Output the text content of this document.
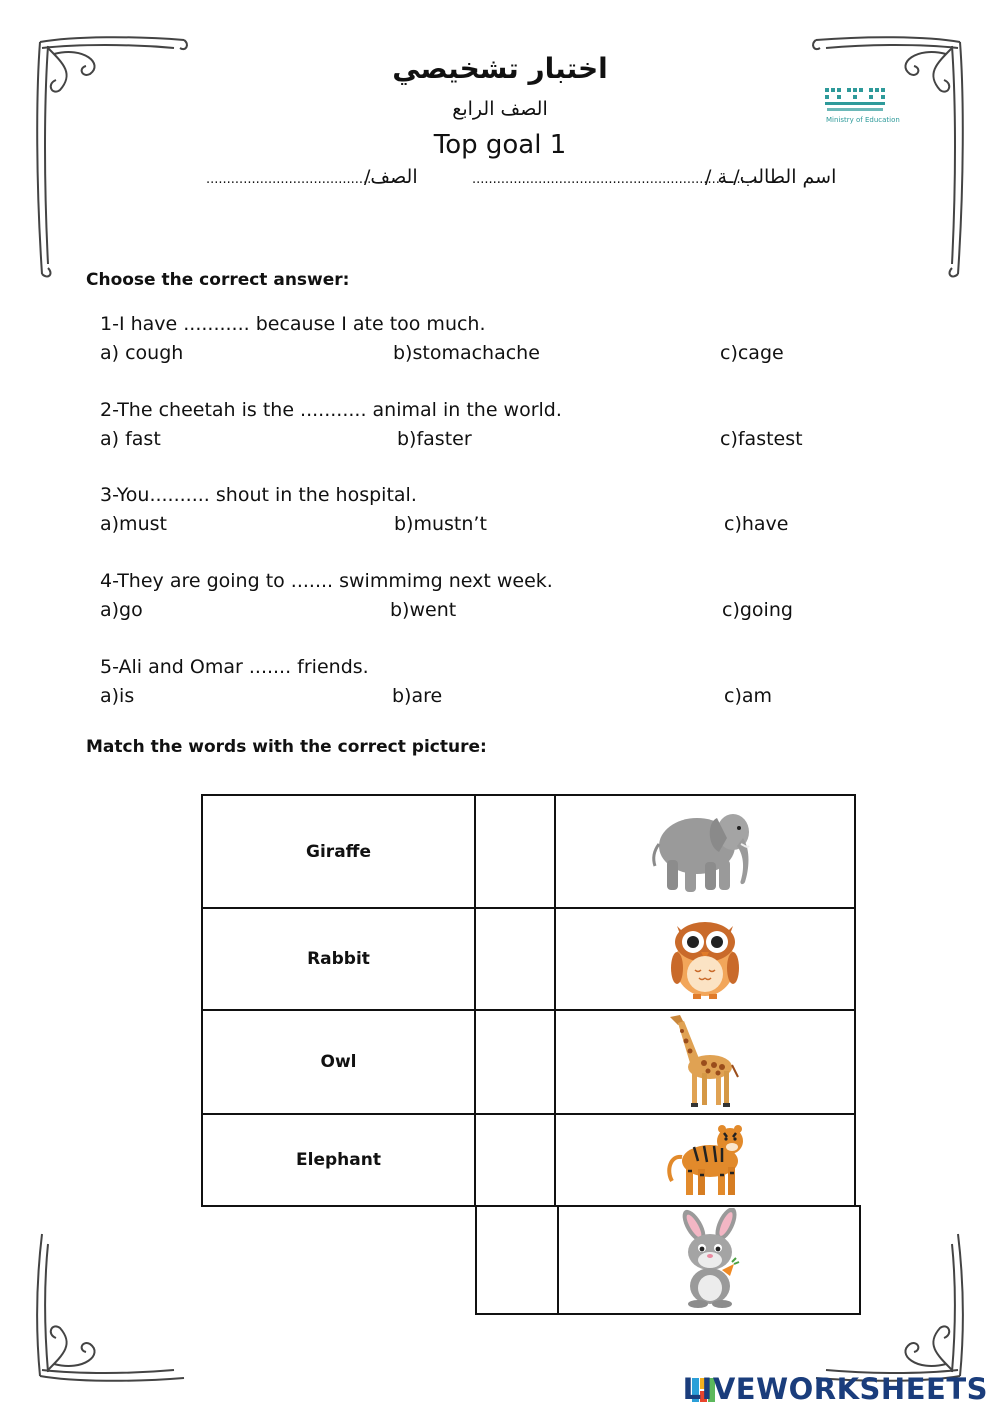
Ministry of Education
اختبار تشخيصي
الصف الرابع
Top goal 1
اسم الطالب/ـة /
......................................................................
الصف/
.........................................
Choose the correct answer:
1-I have ........... because I ate too much.
a) cough	b)stomachache	c)cage
2-The cheetah is the ........... animal in the world.
a) fast	b)faster	c)fastest
3-You.......... shout in the hospital.
a)must	b)mustn’t	c)have
4-They are going to ....... swimmimg next week.
a)go	b)went	c)going
5-Ali and Omar ....... friends.
a)is	b)are	c)am
Match the words with the correct picture:
Giraffe		
Rabbit		
Owl		
Elephant		

LIVEWORKSHEETS
